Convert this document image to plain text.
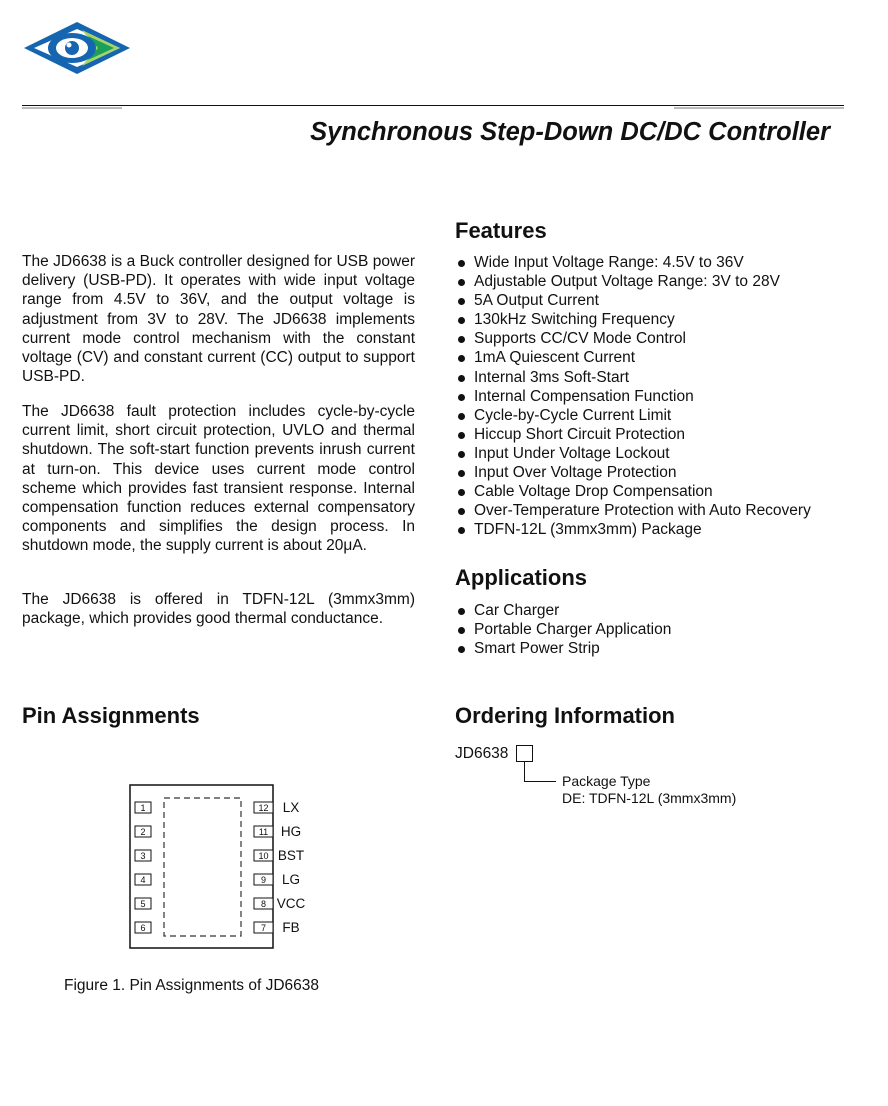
Synchronous Step-Down DC/DC Controller

The JD6638 is a Buck controller designed for USB power delivery (USB-PD). It operates with wide input voltage range from 4.5V to 36V, and the output voltage is adjustment from 3V to 28V. The JD6638 implements current mode control mechanism with the constant voltage (CV) and constant current (CC) output to support USB-PD.

The JD6638 fault protection includes cycle-by-cycle current limit, short circuit protection, UVLO and thermal shutdown. The soft-start function prevents inrush current at turn-on. This device uses current mode control scheme which provides fast transient response. Internal compensation function reduces external compensatory components and simplifies the design process. In shutdown mode, the supply current is about 20μA.

The JD6638 is offered in TDFN-12L (3mmx3mm) package, which provides good thermal conductance.

Features
Wide Input Voltage Range: 4.5V to 36V
Adjustable Output Voltage Range: 3V to 28V
5A Output Current
130kHz Switching Frequency
Supports CC/CV Mode Control
1mA Quiescent Current
Internal 3ms Soft-Start
Internal Compensation Function
Cycle-by-Cycle Current Limit
Hiccup Short Circuit Protection
Input Under Voltage Lockout
Input Over Voltage Protection
Cable Voltage Drop Compensation
Over-Temperature Protection with Auto Recovery
TDFN-12L (3mmx3mm) Package
Applications
Car Charger
Portable Charger Application
Smart Power Strip
Pin Assignments
1
2
3
4
5
6
12 LX
11 HG
10 BST
9 LG
8 VCC
7 FB
Figure 1. Pin Assignments of JD6638
Ordering Information
JD6638
Package Type
DE: TDFN-12L (3mmx3mm)
